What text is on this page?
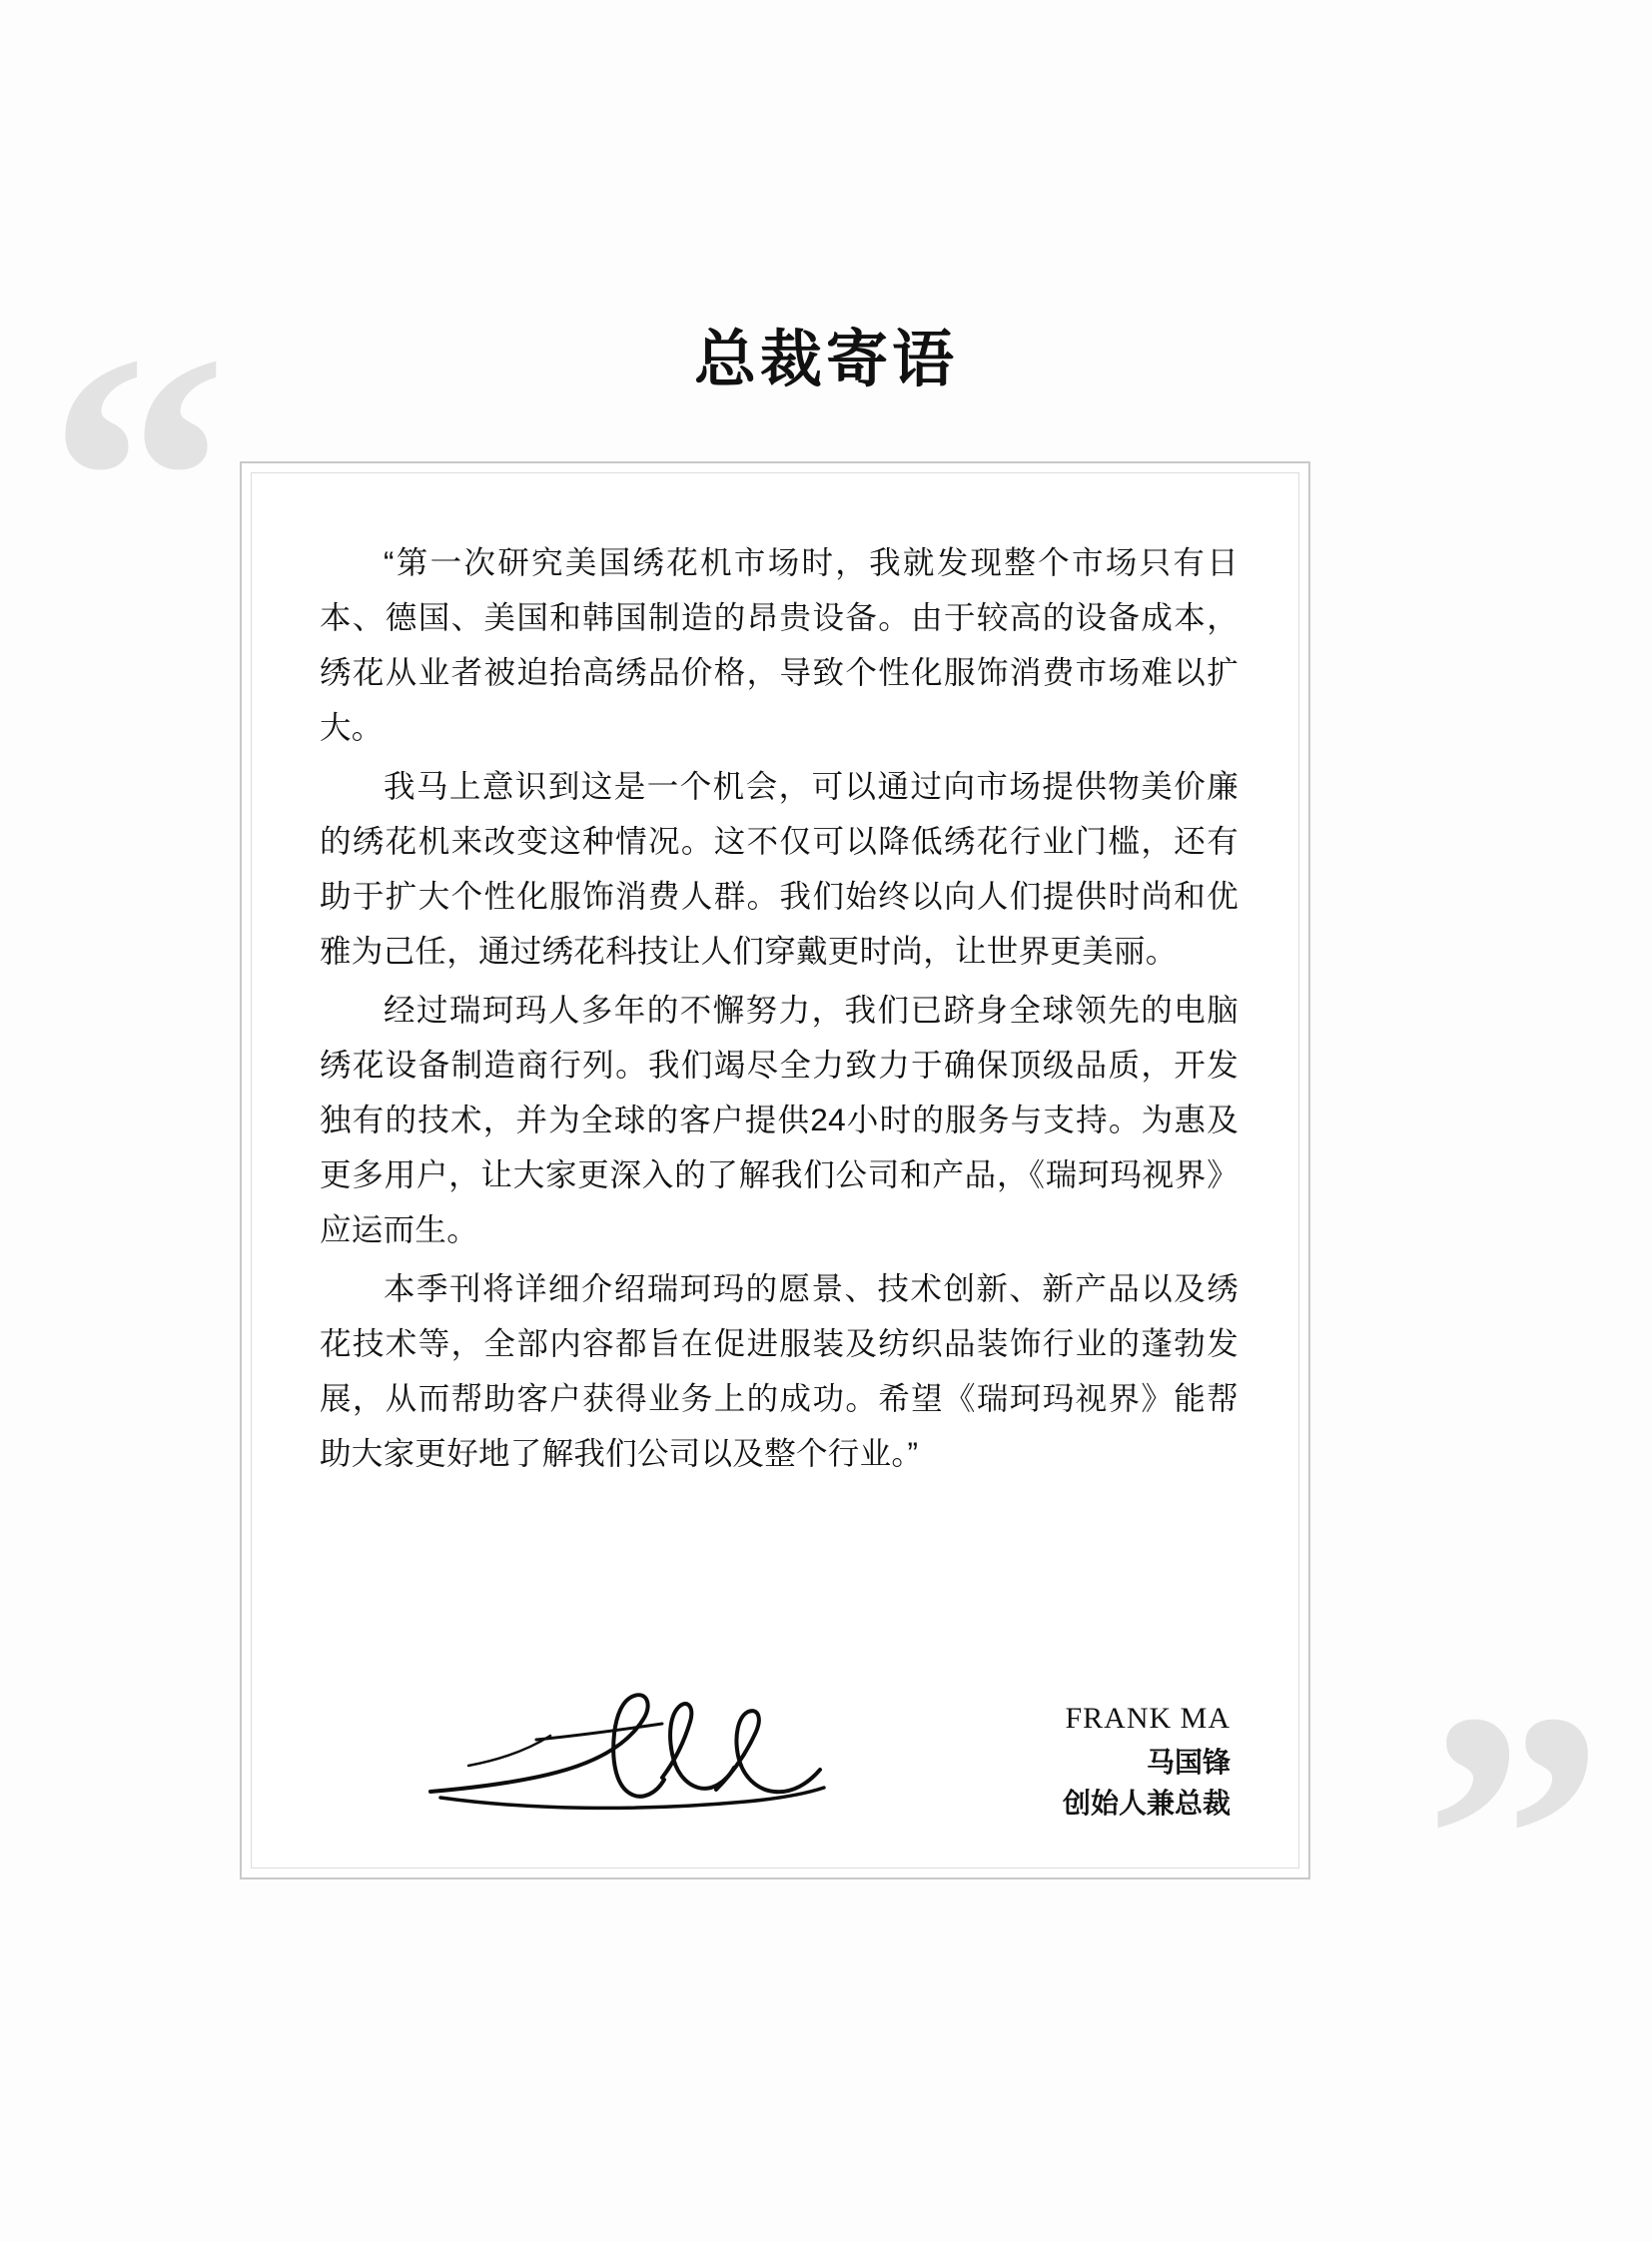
总裁寄语
“
”

“第一次研究美国绣花机市场时，我就发现整个市场只有日本、德国、美国和韩国制造的昂贵设备。由于较高的设备成本，绣花从业者被迫抬高绣品价格，导致个性化服饰消费市场难以扩大。

我马上意识到这是一个机会，可以通过向市场提供物美价廉的绣花机来改变这种情况。这不仅可以降低绣花行业门槛，还有助于扩大个性化服饰消费人群。我们始终以向人们提供时尚和优雅为己任，通过绣花科技让人们穿戴更时尚，让世界更美丽。

经过瑞珂玛人多年的不懈努力，我们已跻身全球领先的电脑绣花设备制造商行列。我们竭尽全力致力于确保顶级品质，开发独有的技术，并为全球的客户提供24小时的服务与支持。为惠及更多用户，让大家更深入的了解我们公司和产品，《瑞珂玛视界》应运而生。

本季刊将详细介绍瑞珂玛的愿景、技术创新、新产品以及绣花技术等，全部内容都旨在促进服装及纺织品装饰行业的蓬勃发展，从而帮助客户获得业务上的成功。希望《瑞珂玛视界》能帮助大家更好地了解我们公司以及整个行业。”

FRANK MA
马国锋
创始人兼总裁
